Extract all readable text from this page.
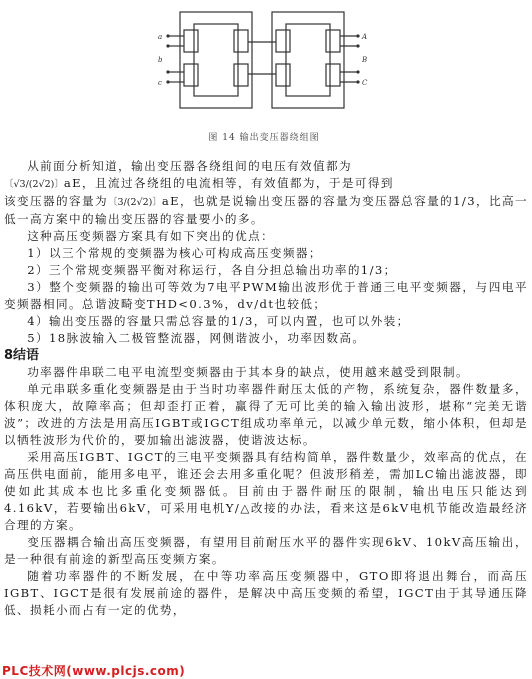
a
b
c
A
B
C
图 14 输出变压器绕组图

从前面分析知道，输出变压器各绕组间的电压有效值都为

〔√3/(2√2)〕aE，且流过各绕组的电流相等，有效值都为，于是可得到

该变压器的容量为〔3/(2√2)〕aE，也就是说输出变压器的容量为变压器总容量的1/3，比高一低一高方案中的输出变压器的容量要小的多。

这种高压变频器方案具有如下突出的优点：

1）以三个常规的变频器为核心可构成高压变频器；

2）三个常规变频器平衡对称运行，各自分担总输出功率的1/3；

3）整个变频器的输出可等效为7电平PWM输出波形优于普通三电平变频器，与四电平变频器相同。总谐波畸变THD<0.3%，dv/dt也较低；

4）输出变压器的容量只需总容量的1/3，可以内置，也可以外装；

5）18脉波输入二极管整流器，网侧谐波小，功率因数高。

8结语

功率器件串联二电平电流型变频器由于其本身的缺点，使用越来越受到限制。

单元串联多重化变频器是由于当时功率器件耐压太低的产物，系统复杂，器件数量多，体积庞大，故障率高；但却歪打正着，赢得了无可比美的输入输出波形，堪称“完美无谐波”；改进的方法是用高压IGBT或IGCT组成功率单元，以减少单元数，缩小体积，但却是以牺牲波形为代价的，要加输出滤波器，使谐波达标。

采用高压IGBT、IGCT的三电平变频器具有结构简单，器件数量少，效率高的优点，在高压供电面前，能用多电平，谁还会去用多重化呢？但波形稍差，需加LC输出滤波器，即使如此其成本也比多重化变频器低。目前由于器件耐压的限制，输出电压只能达到4.16kV，若要输出6kV，可采用电机Y/△改接的办法，看来这是6kV电机节能改造最经济合理的方案。

变压器耦合输出高压变频器，有望用目前耐压水平的器件实现6kV、10kV高压输出，是一种很有前途的新型高压变频方案。

随着功率器件的不断发展，在中等功率高压变频器中，GTO即将退出舞台，而高压IGBT、IGCT是很有发展前途的器件，是解决中高压变频的希望，IGCT由于其导通压降低、损耗小而占有一定的优势，

PLC技术网(www.plcjs.com)
